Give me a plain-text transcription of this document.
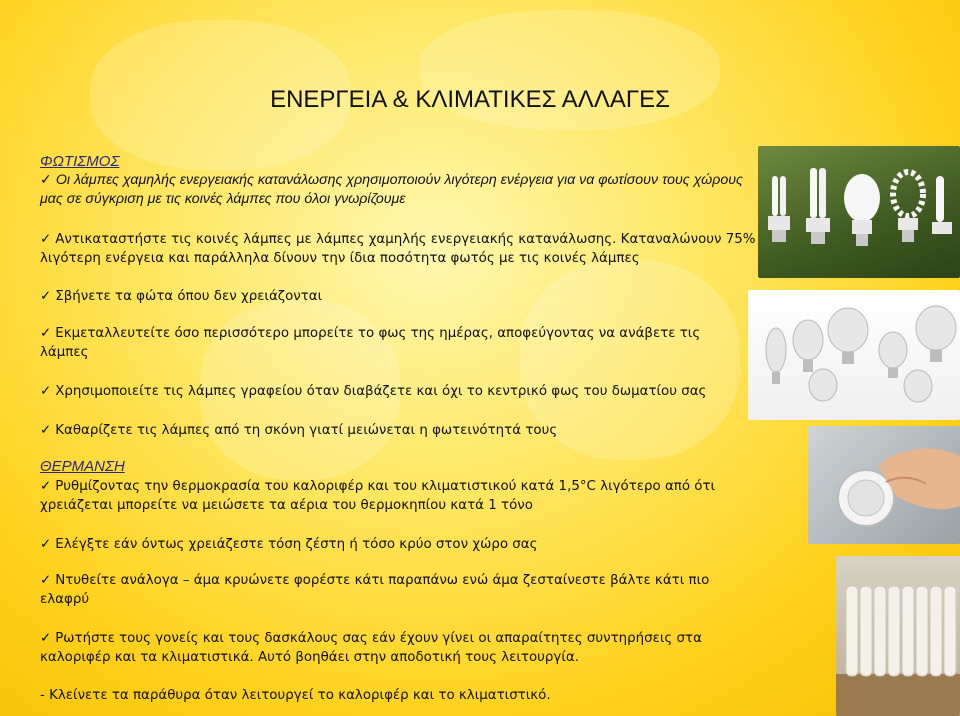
ΕΝΕΡΓΕΙΑ & ΚΛΙΜΑΤΙΚΕΣ ΑΛΛΑΓΕΣ
ΦΩΤΙΣΜΟΣ
✓ Οι λάμπες χαμηλής ενεργειακής κατανάλωσης χρησιμοποιούν λιγότερη ενέργεια για να φωτίσουν τους χώρους μας σε σύγκριση με τις κοινές λάμπες που όλοι γνωρίζουμε
✓ Αντικαταστήστε τις κοινές λάμπες με λάμπες χαμηλής ενεργειακής κατανάλωσης. Καταναλώνουν 75% λιγότερη ενέργεια και παράλληλα δίνουν την ίδια ποσότητα φωτός με τις κοινές λάμπες
✓ Σβήνετε τα φώτα όπου δεν χρειάζονται
✓ Εκμεταλλευτείτε όσο περισσότερο μπορείτε το φως της ημέρας, αποφεύγοντας να ανάβετε τις λάμπες
✓ Χρησιμοποιείτε τις λάμπες γραφείου όταν διαβάζετε και όχι το κεντρικό φως του δωματίου σας
✓ Καθαρίζετε τις λάμπες από τη σκόνη γιατί μειώνεται η φωτεινότητά τους
ΘΕΡΜΑΝΣΗ
✓ Ρυθμίζοντας την θερμοκρασία του καλοριφέρ και του κλιματιστικού κατά 1,5°C λιγότερο από ότι χρειάζεται μπορείτε να μειώσετε τα αέρια του θερμοκηπίου κατά 1 τόνο
✓ Ελέγξτε εάν όντως χρειάζεστε τόση ζέστη ή τόσο κρύο στον χώρο σας
✓ Ντυθείτε ανάλογα – άμα κρυώνετε φορέστε κάτι παραπάνω ενώ άμα ζεσταίνεστε βάλτε κάτι πιο ελαφρύ
✓ Ρωτήστε τους γονείς και τους δασκάλους σας εάν έχουν γίνει οι απαραίτητες συντηρήσεις στα καλοριφέρ και τα κλιματιστικά. Αυτό βοηθάει στην αποδοτική τους λειτουργία.
- Κλείνετε τα παράθυρα όταν λειτουργεί το καλοριφέρ και το κλιματιστικό.
